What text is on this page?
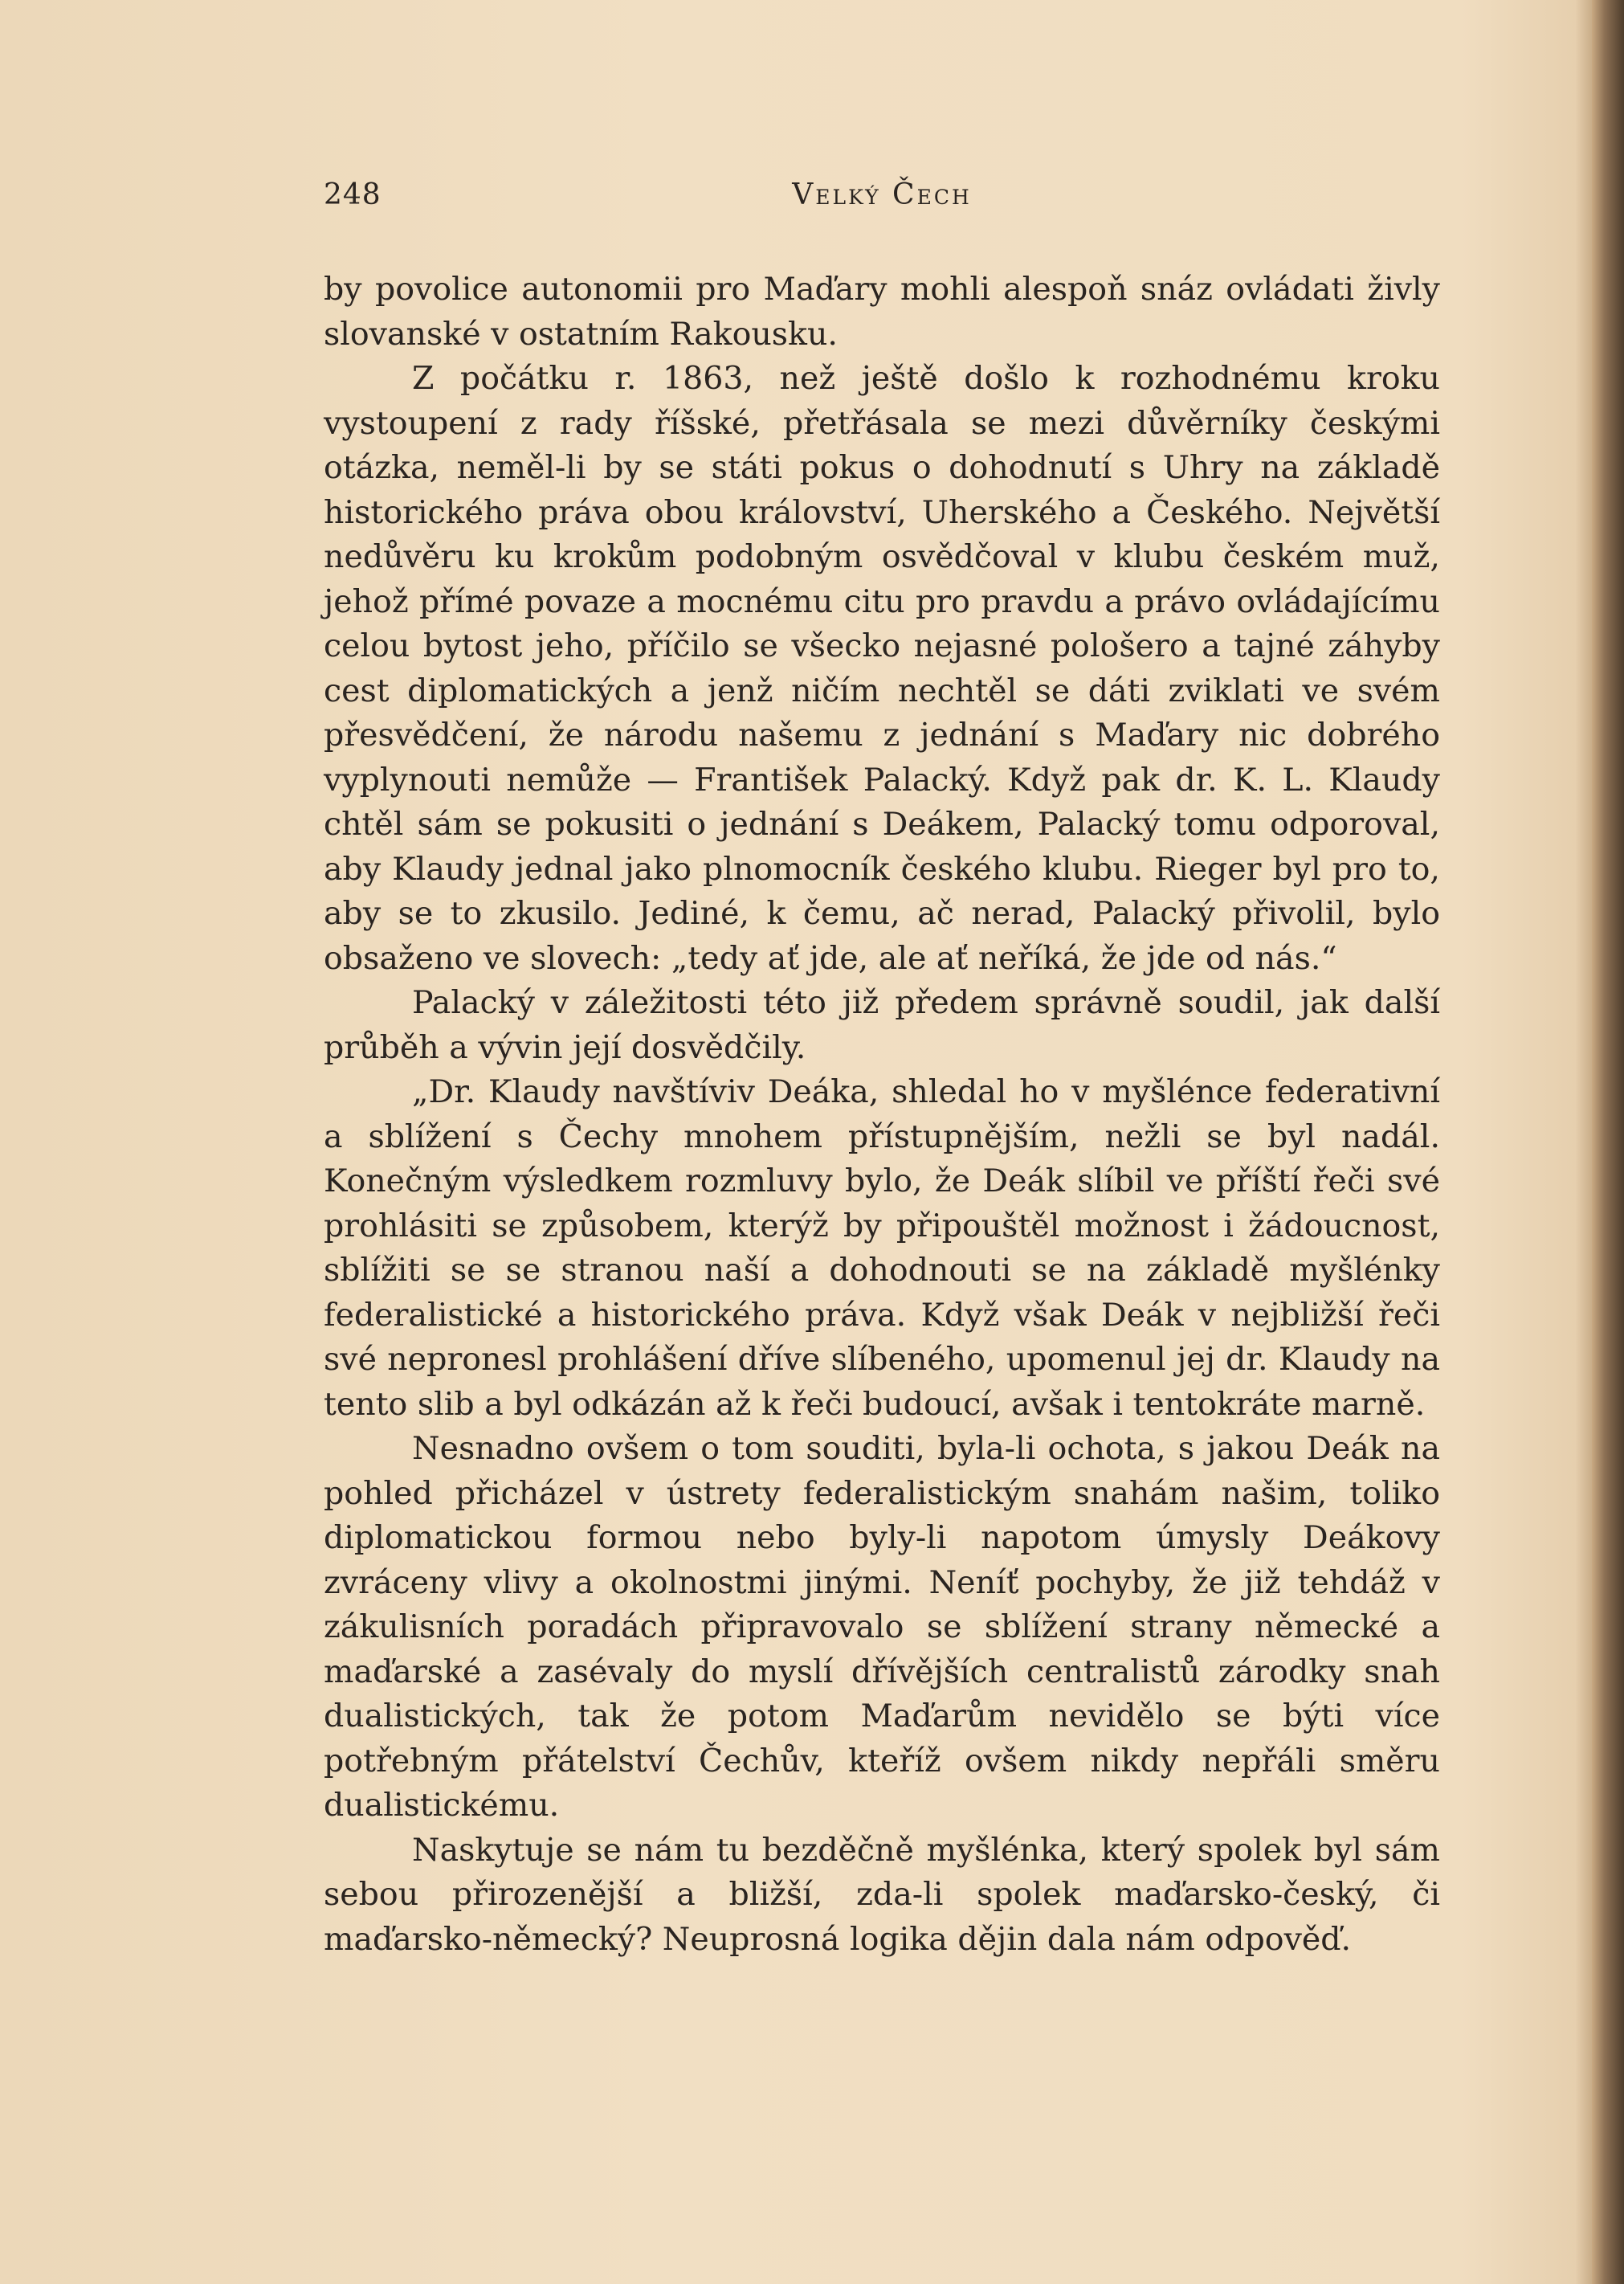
248	Velký Čech

by povolice autonomii pro Maďary mohli alespoň snáz ovládati živly slovanské v ostatním Rakousku.

Z počátku r. 1863, než ještě došlo k rozhodnému kroku vystoupení z rady říšské, přetřásala se mezi důvěrníky českými otázka, neměl-li by se státi pokus o dohodnutí s Uhry na základě historického práva obou království, Uherského a Českého. Největší nedůvěru ku krokům podobným osvědčoval v klubu českém muž, jehož přímé povaze a mocnému citu pro pravdu a právo ovládajícímu celou bytost jeho, příčilo se všecko nejasné pološero a tajné záhyby cest diplomatických a jenž ničím nechtěl se dáti zviklati ve svém přesvědčení, že národu našemu z jednání s Maďary nic dobrého vyplynouti nemůže — František Palacký. Když pak dr. K. L. Klaudy chtěl sám se pokusiti o jednání s Deákem, Palacký tomu odporoval, aby Klaudy jednal jako plnomocník českého klubu. Rieger byl pro to, aby se to zkusilo. Jediné, k čemu, ač nerad, Palacký přivolil, bylo obsaženo ve slovech: „tedy ať jde, ale ať neříká, že jde od nás.“

Palacký v záležitosti této již předem správně soudil, jak další průběh a vývin její dosvědčily.

„Dr. Klaudy navštíviv Deáka, shledal ho v myšlénce federativní a sblížení s Čechy mnohem přístupnějším, nežli se byl nadál. Konečným výsledkem rozmluvy bylo, že Deák slíbil ve příští řeči své prohlásiti se způsobem, kterýž by připouštěl možnost i žádoucnost, sblížiti se se stranou naší a dohodnouti se na základě myšlénky federalistické a historického práva. Když však Deák v nejbližší řeči své nepronesl prohlášení dříve slíbeného, upomenul jej dr. Klaudy na tento slib a byl odkázán až k řeči budoucí, avšak i tentokráte marně.

Nesnadno ovšem o tom souditi, byla-li ochota, s jakou Deák na pohled přicházel v ústrety federalistickým snahám našim, toliko diplomatickou formou nebo byly-li napotom úmysly Deákovy zvráceny vlivy a okolnostmi jinými. Neníť pochyby, že již tehdáž v zákulisních poradách připravovalo se sblížení strany německé a maďarské a zasévaly do myslí dřívějších centralistů zárodky snah dualistických, tak že potom Maďarům nevidělo se býti více potřebným přátelství Čechův, kteříž ovšem nikdy nepřáli směru dualistickému.

Naskytuje se nám tu bezděčně myšlénka, který spolek byl sám sebou přirozenější a bližší, zda-li spolek maďarsko-český, či maďarsko-německý? Neuprosná logika dějin dala nám odpověď.
